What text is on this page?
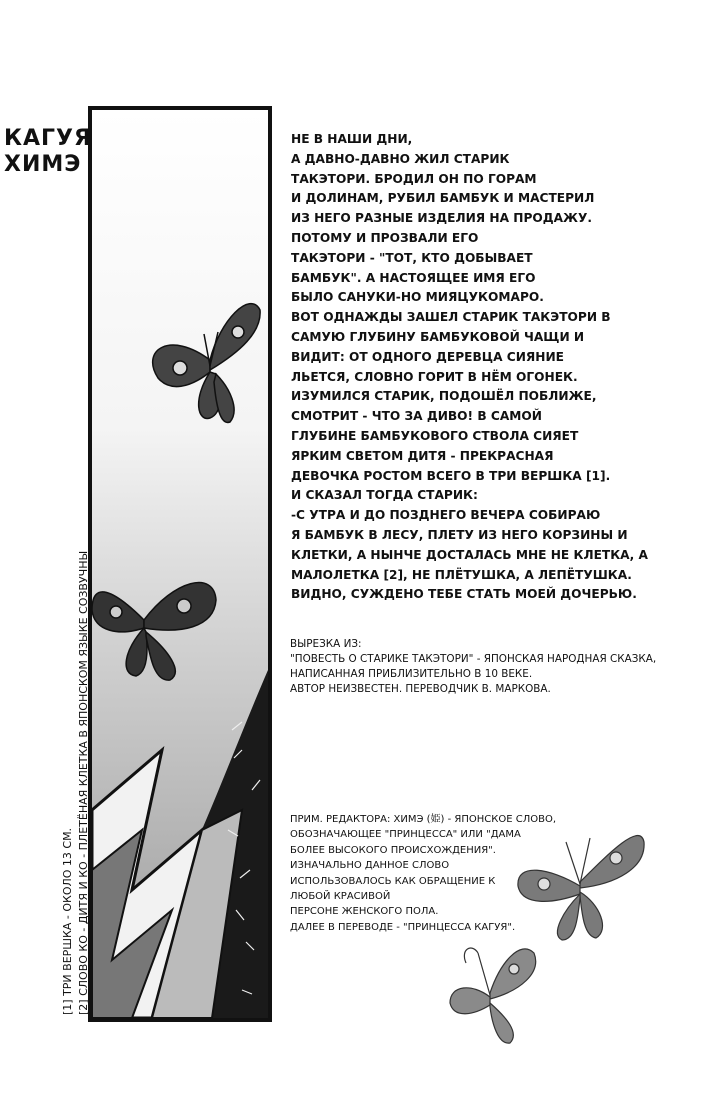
КАГУЯ
ХИМЭ
[1] ТРИ ВЕРШКА - ОКОЛО 13 СМ. [2] СЛОВО КО - ДИТЯ И КО - ПЛЕТЁНАЯ КЛЕТКА В ЯПОНСКОМ ЯЗЫКЕ СОЗВУЧНЫ

НЕ В НАШИ ДНИ,

А ДАВНО-ДАВНО ЖИЛ СТАРИК

ТАКЭТОРИ. БРОДИЛ ОН ПО ГОРАМ

И ДОЛИНАМ, РУБИЛ БАМБУК И МАСТЕРИЛ

ИЗ НЕГО РАЗНЫЕ ИЗДЕЛИЯ НА ПРОДАЖУ.

ПОТОМУ И ПРОЗВАЛИ ЕГО

ТАКЭТОРИ - "ТОТ, КТО ДОБЫВАЕТ

БАМБУК". А НАСТОЯЩЕЕ ИМЯ ЕГО

БЫЛО САНУКИ-НО МИЯЦУКОМАРО.

ВОТ ОДНАЖДЫ ЗАШЕЛ СТАРИК ТАКЭТОРИ В

САМУЮ ГЛУБИНУ БАМБУКОВОЙ ЧАЩИ И

ВИДИТ: ОТ ОДНОГО ДЕРЕВЦА СИЯНИЕ

ЛЬЕТСЯ, СЛОВНО ГОРИТ В НЁМ ОГОНЕК.

ИЗУМИЛСЯ СТАРИК, ПОДОШЁЛ ПОБЛИЖЕ,

СМОТРИТ - ЧТО ЗА ДИВО! В САМОЙ

ГЛУБИНЕ БАМБУКОВОГО СТВОЛА СИЯЕТ

ЯРКИМ СВЕТОМ ДИТЯ - ПРЕКРАСНАЯ

ДЕВОЧКА РОСТОМ ВСЕГО В ТРИ ВЕРШКА [1].

И СКАЗАЛ ТОГДА СТАРИК:

-С УТРА И ДО ПОЗДНЕГО ВЕЧЕРА СОБИРАЮ

Я БАМБУК В ЛЕСУ, ПЛЕТУ ИЗ НЕГО КОРЗИНЫ И

КЛЕТКИ, А НЫНЧЕ ДОСТАЛАСЬ МНЕ НЕ КЛЕТКА, А

МАЛОЛЕТКА [2], НЕ ПЛЁТУШКА, А ЛЕПЁТУШКА.

ВИДНО, СУЖДЕНО ТЕБЕ СТАТЬ МОЕЙ ДОЧЕРЬЮ.

ВЫРЕЗКА ИЗ:

"ПОВЕСТЬ О СТАРИКЕ ТАКЭТОРИ" - ЯПОНСКАЯ НАРОДНАЯ СКАЗКА,

НАПИСАННАЯ ПРИБЛИЗИТЕЛЬНО В 10 ВЕКЕ.

АВТОР НЕИЗВЕСТЕН. ПЕРЕВОДЧИК В. МАРКОВА.

ПРИМ. РЕДАКТОРА: ХИМЭ (姫) - ЯПОНСКОЕ СЛОВО,

ОБОЗНАЧАЮЩЕЕ "ПРИНЦЕССА" ИЛИ "ДАМА

БОЛЕЕ ВЫСОКОГО ПРОИСХОЖДЕНИЯ".

ИЗНАЧАЛЬНО ДАННОЕ СЛОВО

ИСПОЛЬЗОВАЛОСЬ КАК ОБРАЩЕНИЕ К

ЛЮБОЙ КРАСИВОЙ

ПЕРСОНЕ ЖЕНСКОГО ПОЛА.

ДАЛЕЕ В ПЕРЕВОДЕ - "ПРИНЦЕССА КАГУЯ".
